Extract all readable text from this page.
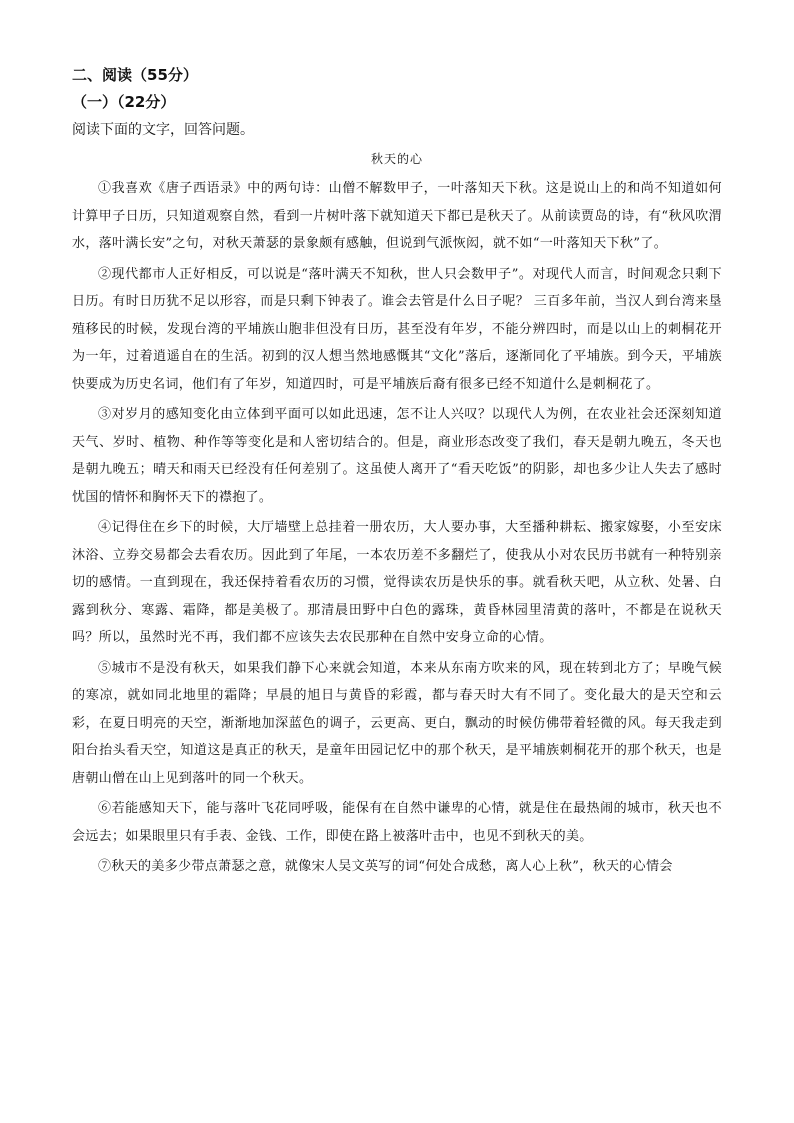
二、阅读（55分）
（一）（22分）
阅读下面的文字，回答问题。
秋天的心

①我喜欢《唐子西语录》中的两句诗：山僧不解数甲子，一叶落知天下秋。这是说山上的和尚不知道如何计算甲子日历，只知道观察自然，看到一片树叶落下就知道天下都已是秋天了。从前读贾岛的诗，有“秋风吹渭水，落叶满长安”之句，对秋天萧瑟的景象颇有感触，但说到气派恢闳，就不如“一叶落知天下秋”了。

②现代都市人正好相反，可以说是“落叶满天不知秋，世人只会数甲子”。对现代人而言，时间观念只剩下日历。有时日历犹不足以形容，而是只剩下钟表了。谁会去管是什么日子呢？ 三百多年前，当汉人到台湾来垦殖移民的时候，发现台湾的平埔族山胞非但没有日历，甚至没有年岁，不能分辨四时，而是以山上的刺桐花开为一年，过着逍遥自在的生活。初到的汉人想当然地感慨其“文化”落后，逐渐同化了平埔族。到今天，平埔族快要成为历史名词，他们有了年岁，知道四时，可是平埔族后裔有很多已经不知道什么是刺桐花了。

③对岁月的感知变化由立体到平面可以如此迅速，怎不让人兴叹？以现代人为例，在农业社会还深刻知道天气、岁时、植物、种作等等变化是和人密切结合的。但是，商业形态改变了我们，春天是朝九晚五，冬天也是朝九晚五；晴天和雨天已经没有任何差别了。这虽使人离开了“看天吃饭”的阴影，却也多少让人失去了感时忧国的情怀和胸怀天下的襟抱了。

④记得住在乡下的时候，大厅墙壁上总挂着一册农历，大人要办事，大至播种耕耘、搬家嫁娶，小至安床沐浴、立券交易都会去看农历。因此到了年尾，一本农历差不多翻烂了，使我从小对农民历书就有一种特别亲切的感情。一直到现在，我还保持着看农历的习惯，觉得读农历是快乐的事。就看秋天吧，从立秋、处暑、白露到秋分、寒露、霜降，都是美极了。那清晨田野中白色的露珠，黄昏林园里清黄的落叶，不都是在说秋天吗？所以，虽然时光不再，我们都不应该失去农民那种在自然中安身立命的心情。

⑤城市不是没有秋天，如果我们静下心来就会知道，本来从东南方吹来的风，现在转到北方了；早晚气候的寒凉，就如同北地里的霜降；早晨的旭日与黄昏的彩霞，都与春天时大有不同了。变化最大的是天空和云彩，在夏日明亮的天空，渐渐地加深蓝色的调子，云更高、更白，飘动的时候仿佛带着轻微的风。每天我走到阳台抬头看天空，知道这是真正的秋天，是童年田园记忆中的那个秋天，是平埔族刺桐花开的那个秋天，也是唐朝山僧在山上见到落叶的同一个秋天。

⑥若能感知天下，能与落叶飞花同呼吸，能保有在自然中谦卑的心情，就是住在最热闹的城市，秋天也不会远去；如果眼里只有手表、金钱、工作，即使在路上被落叶击中，也见不到秋天的美。

⑦秋天的美多少带点萧瑟之意，就像宋人吴文英写的词“何处合成愁，离人心上秋”，秋天的心情会
